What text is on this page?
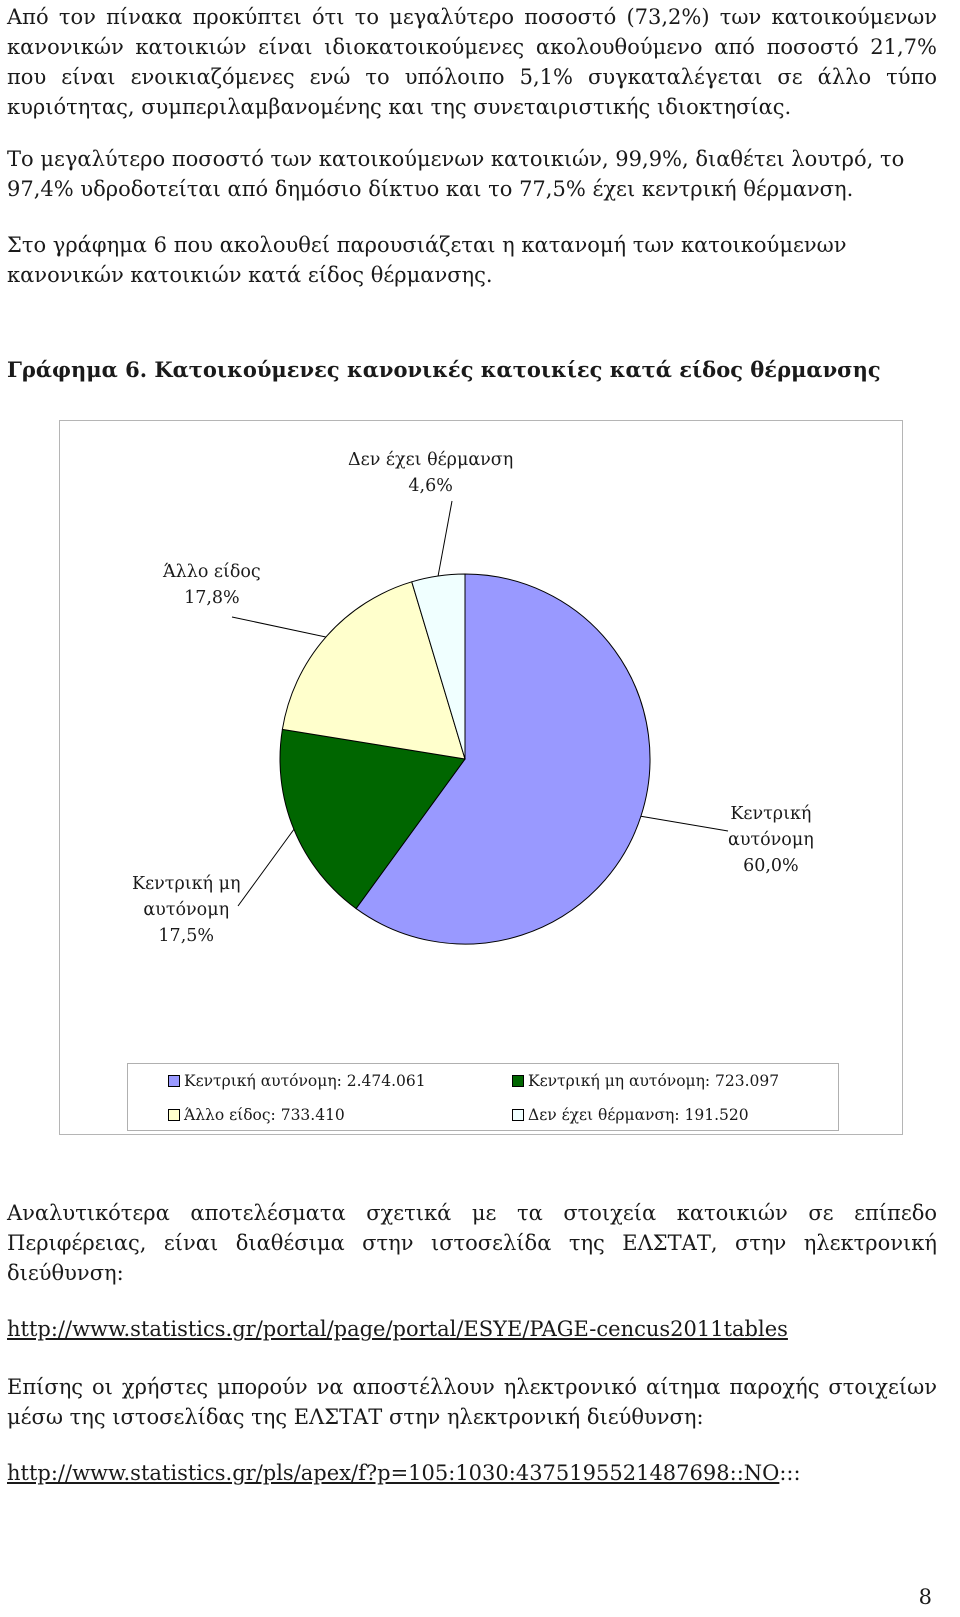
Από τον πίνακα προκύπτει ότι το μεγαλύτερο ποσοστό (73,2%) των κατοικούμενων κανονικών κατοικιών είναι ιδιοκατοικούμενες ακολουθούμενο από ποσοστό 21,7% που είναι ενοικιαζόμενες ενώ το υπόλοιπο 5,1% συγκαταλέγεται σε άλλο τύπο κυριότητας, συμπεριλαμβανομένης και της συνεταιριστικής ιδιοκτησίας.

Το μεγαλύτερο ποσοστό των κατοικούμενων κατοικιών, 99,9%, διαθέτει λουτρό, το 97,4% υδροδοτείται από δημόσιο δίκτυο και το 77,5% έχει κεντρική θέρμανση.

Στο γράφημα 6 που ακολουθεί παρουσιάζεται η κατανομή των κατοικούμενων κανονικών κατοικιών κατά είδος θέρμανσης.

Γράφημα 6. Κατοικούμενες κανονικές κατοικίες κατά είδος θέρμανσης

Δεν έχει θέρμανση
4,6%
Άλλο είδος
17,8%
Κεντρική
αυτόνομη
60,0%
Κεντρική μη
αυτόνομη
17,5%
Κεντρική αυτόνομη: 2.474.061	Κεντρική μη αυτόνομη: 723.097
Άλλο είδος: 733.410	Δεν έχει θέρμανση: 191.520

Αναλυτικότερα αποτελέσματα σχετικά με τα στοιχεία κατοικιών σε επίπεδο Περιφέρειας, είναι διαθέσιμα στην ιστοσελίδα της ΕΛΣΤΑΤ, στην ηλεκτρονική διεύθυνση:

http://www.statistics.gr/portal/page/portal/ESYE/PAGE-cencus2011tables

Επίσης οι χρήστες μπορούν να αποστέλλουν ηλεκτρονικό αίτημα παροχής στοιχείων μέσω της ιστοσελίδας της ΕΛΣΤΑΤ στην ηλεκτρονική διεύθυνση:

http://www.statistics.gr/pls/apex/f?p=105:1030:4375195521487698::NO:::
8
